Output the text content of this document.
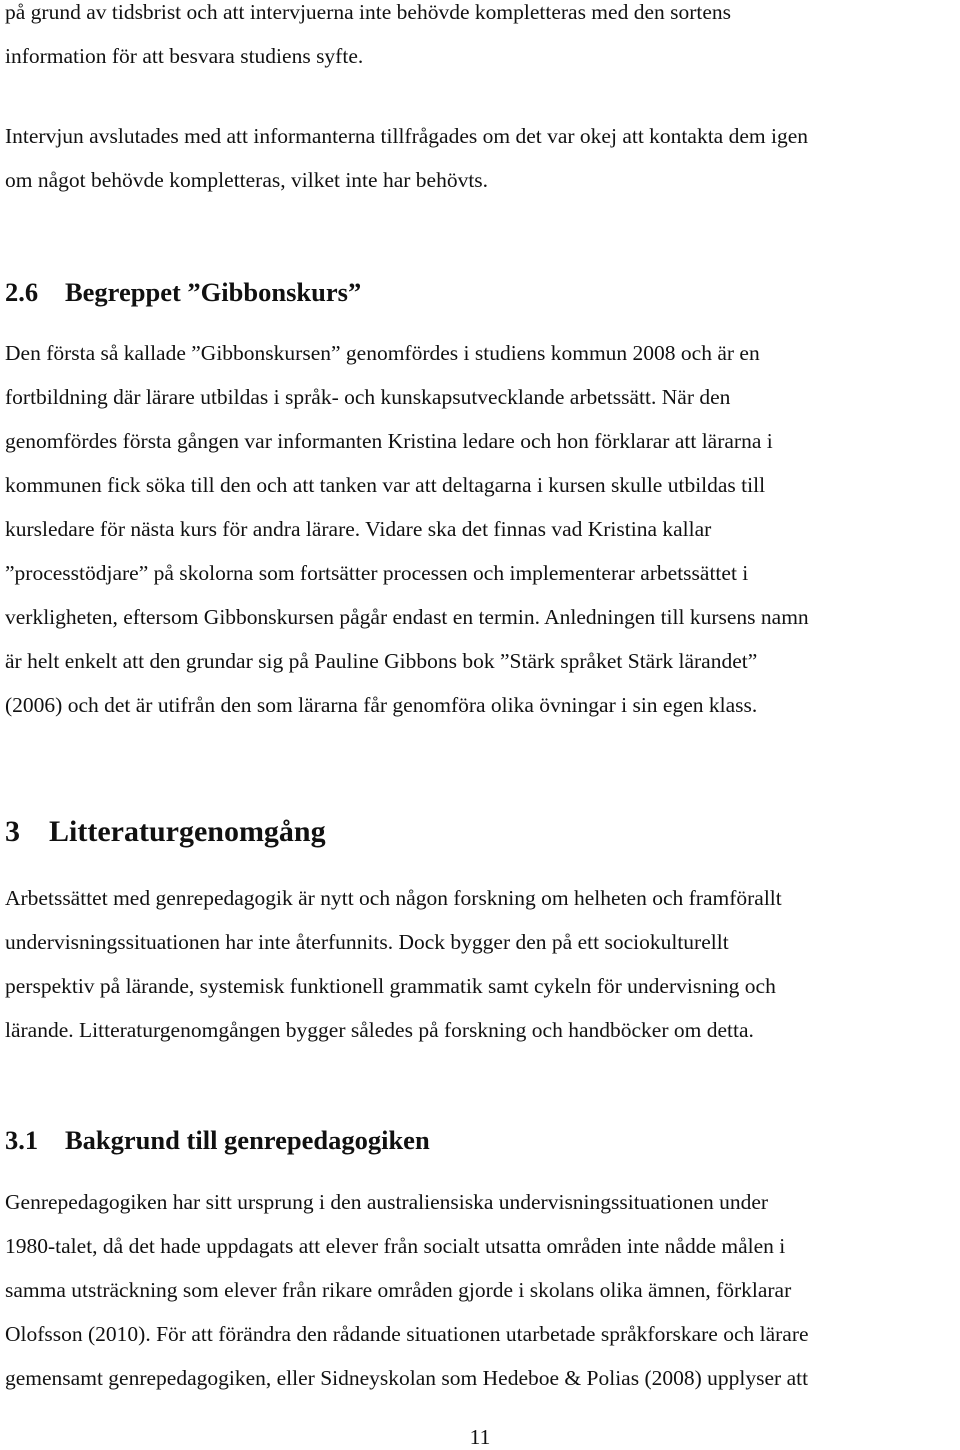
på grund av tidsbrist och att intervjuerna inte behövde kompletteras med den sortens
information för att besvara studiens syfte.

Intervjun avslutades med att informanterna tillfrågades om det var okej att kontakta dem igen
om något behövde kompletteras, vilket inte har behövts.

2.6 Begreppet ”Gibbonskurs”

Den första så kallade ”Gibbonskursen” genomfördes i studiens kommun 2008 och är en
fortbildning där lärare utbildas i språk- och kunskapsutvecklande arbetssätt. När den
genomfördes första gången var informanten Kristina ledare och hon förklarar att lärarna i
kommunen fick söka till den och att tanken var att deltagarna i kursen skulle utbildas till
kursledare för nästa kurs för andra lärare. Vidare ska det finnas vad Kristina kallar
”processtödjare” på skolorna som fortsätter processen och implementerar arbetssättet i
verkligheten, eftersom Gibbonskursen pågår endast en termin. Anledningen till kursens namn
är helt enkelt att den grundar sig på Pauline Gibbons bok ”Stärk språket Stärk lärandet”
(2006) och det är utifrån den som lärarna får genomföra olika övningar i sin egen klass.

3 Litteraturgenomgång

Arbetssättet med genrepedagogik är nytt och någon forskning om helheten och framförallt
undervisningssituationen har inte återfunnits. Dock bygger den på ett sociokulturellt
perspektiv på lärande, systemisk funktionell grammatik samt cykeln för undervisning och
lärande. Litteraturgenomgången bygger således på forskning och handböcker om detta.

3.1 Bakgrund till genrepedagogiken

Genrepedagogiken har sitt ursprung i den australiensiska undervisningssituationen under
1980-talet, då det hade uppdagats att elever från socialt utsatta områden inte nådde målen i
samma utsträckning som elever från rikare områden gjorde i skolans olika ämnen, förklarar
Olofsson (2010). För att förändra den rådande situationen utarbetade språkforskare och lärare
gemensamt genrepedagogiken, eller Sidneyskolan som Hedeboe & Polias (2008) upplyser att

11
